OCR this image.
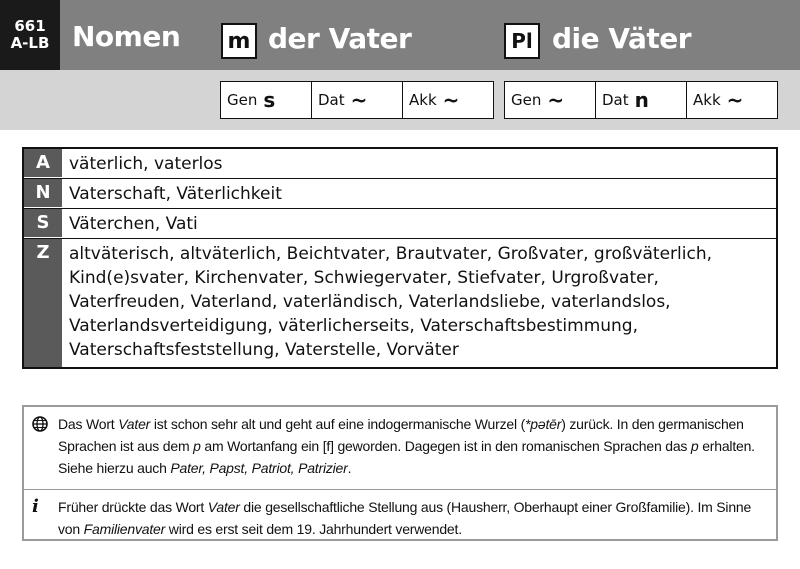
661
A-LB Nomen m der Vater	Pl die Väter
Gen s	Dat ~	Akk ~	Gen ~	Dat n	Akk ~
A	väterlich, vaterlos
N	Vaterschaft, Väterlichkeit
S	Väterchen, Vati
Z	altväterisch, altväterlich, Beichtvater, Brautvater, Großvater, großväterlich, Kind(e)svater, Kirchenvater, Schwiegervater, Stiefvater, Urgroßvater, Vaterfreuden, Vaterland, vaterländisch, Vaterlandsliebe, vaterlandslos, Vaterlandsverteidigung, väterlicherseits, Vaterschaftsbestimmung, Vaterschaftsfeststellung, Vaterstelle, Vorväter
Das Wort Vater ist schon sehr alt und geht auf eine indogermanische Wurzel (*pətēr) zurück. In den germanischen Sprachen ist aus dem p am Wortanfang ein [f] geworden. Dagegen ist in den romanischen Sprachen das p erhalten. Siehe hierzu auch Pater, Papst, Patriot, Patrizier.
i	Früher drückte das Wort Vater die gesellschaftliche Stellung aus (Hausherr, Oberhaupt einer Großfamilie). Im Sinne von Familienvater wird es erst seit dem 19. Jahrhundert verwendet.
